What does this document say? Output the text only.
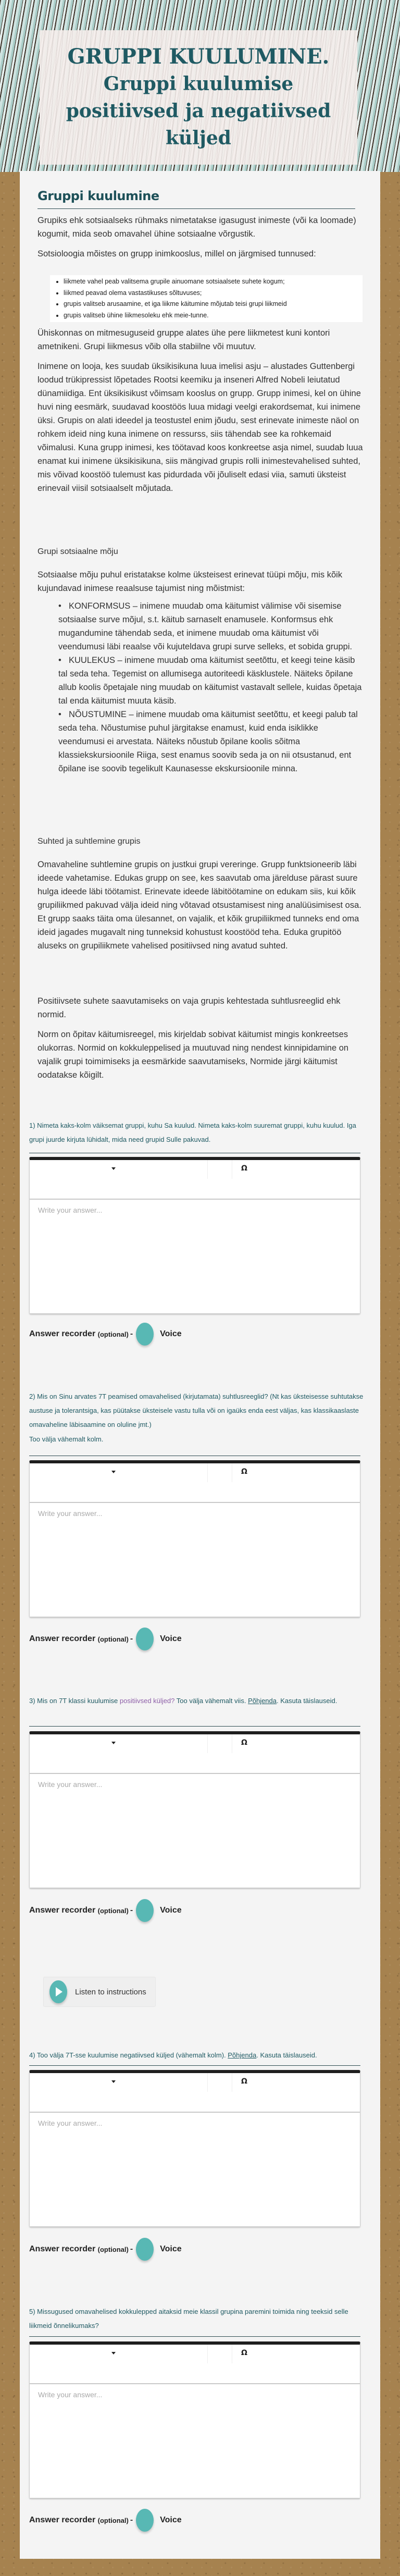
GRUPPI KUULUMINE.
Gruppi kuulumise positiivsed ja negatiivsed küljed
Gruppi kuulumine

Grupiks ehk sotsiaalseks rühmaks nimetatakse igasugust inimeste (või ka loomade) kogumit, mida seob omavahel ühine sotsiaalne võrgustik.

Sotsioloogia mõistes on grupp inimkooslus, millel on järgmised tunnused:

• liikmete vahel peab valitsema grupile ainuomane sotsiaalsete suhete kogum;
• liikmed peavad olema vastastikuses sõltuvuses;
• grupis valitseb arusaamine, et iga liikme käitumine mõjutab teisi grupi liikmeid
• grupis valitseb ühine liikmesoleku ehk meie-tunne.

Ühiskonnas on mitmesuguseid gruppe alates ühe pere liikmetest kuni kontori ametnikeni. Grupi liikmesus võib olla stabiilne või muutuv.

Inimene on looja, kes suudab üksikisikuna luua imelisi asju – alustades Guttenbergi loodud trükipressist lõpetades Rootsi keemiku ja inseneri Alfred Nobeli leiutatud dünamiidiga. Ent üksikisikust võimsam kooslus on grupp. Grupp inimesi, kel on ühine huvi ning eesmärk, suudavad koostöös luua midagi veelgi erakordsemat, kui inimene üksi. Grupis on alati ideedel ja teostustel enim jõudu, sest erinevate inimeste näol on rohkem ideid ning kuna inimene on ressurss, siis tähendab see ka rohkemaid võimalusi. Kuna grupp inimesi, kes töötavad koos konkreetse asja nimel, suudab luua enamat kui inimene üksikisikuna, siis mängivad grupis rolli inimestevahelised suhted, mis võivad koostöö tulemust kas pidurdada või jõuliselt edasi viia, samuti üksteist erinevail viisil sotsiaalselt mõjutada.

Grupi sotsiaalne mõju

Sotsiaalse mõju puhul eristatakse kolme üksteisest erinevat tüüpi mõju, mis kõik kujundavad inimese reaalsuse tajumist ning mõistmist:

• KONFORMSUS – inimene muudab oma käitumist välimise või sisemise sotsiaalse surve mõjul, s.t. käitub sarnaselt enamusele. Konformsus ehk mugandumine tähendab seda, et inimene muudab oma käitumist või veendumusi läbi reaalse või kujuteldava grupi surve selleks, et sobida gruppi.
• KUULEKUS – inimene muudab oma käitumist seetõttu, et keegi teine käsib tal seda teha. Tegemist on allumisega autoriteedi käsklustele. Näiteks õpilane allub koolis õpetajale ning muudab on käitumist vastavalt sellele, kuidas õpetaja tal enda käitumist muuta käsib.
• NÕUSTUMINE – inimene muudab oma käitumist seetõttu, et keegi palub tal seda teha. Nõustumise puhul järgitakse enamust, kuid enda isiklikke veendumusi ei arvestata. Näiteks nõustub õpilane koolis sõitma klassiekskursioonile Riiga, sest enamus soovib seda ja on nii otsustanud, ent õpilane ise soovib tegelikult Kaunasesse ekskursioonile minna.

Suhted ja suhtlemine grupis

Omavaheline suhtlemine grupis on justkui grupi vereringe. Grupp funktsioneerib läbi ideede vahetamise. Edukas grupp on see, kes saavutab oma järelduse pärast suure hulga ideede läbi töötamist. Erinevate ideede läbitöötamine on edukam siis, kui kõik grupiliikmed pakuvad välja ideid ning võtavad otsustamisest ning analüüsimisest osa. Et grupp saaks täita oma ülesannet, on vajalik, et kõik grupiliikmed tunneks end oma ideid jagades mugavalt ning tunneksid kohustust koostööd teha. Eduka grupitöö aluseks on grupiliikmete vahelised positiivsed ning avatud suhted.

Positiivsete suhete saavutamiseks on vaja grupis kehtestada suhtlusreeglid ehk normid.

Norm on õpitav käitumisreegel, mis kirjeldab sobivat käitumist mingis konkreetses olukorras. Normid on kokkuleppelised ja muutuvad ning nendest kinnipidamine on vajalik grupi toimimiseks ja eesmärkide saavutamiseks, Normide järgi käitumist oodatakse kõigilt.

1) Nimeta kaks-kolm väiksemat gruppi, kuhu Sa kuulud. Nimeta kaks-kolm suuremat gruppi, kuhu kuulud. Iga grupi juurde kirjuta lühidalt, mida need grupid Sulle pakuvad.

Ω
Write your answer...
Answer recorder
(optional) -	Voice

2) Mis on Sinu arvates 7T peamised omavahelised (kirjutamata) suhtlusreeglid? (Nt kas üksteisesse suhtutakse austuse ja tolerantsiga, kas püütakse üksteisele vastu tulla või on igaüks enda eest väljas, kas klassikaaslaste omavaheline läbisaamine on oluline jmt.)

Too välja vähemalt kolm.

Ω
Write your answer...
Answer recorder
(optional) -	Voice

3) Mis on 7T klassi kuulumise positiivsed küljed? Too välja vähemalt viis. Põhjenda. Kasuta täislauseid.

Ω
Write your answer...
Answer recorder
(optional) -	Voice
Listen to instructions

4) Too välja 7T-sse kuulumise negatiivsed küljed (vähemalt kolm). Põhjenda. Kasuta täislauseid.

Ω
Write your answer...
Answer recorder
(optional) -	Voice

5) Missugused omavahelised kokkulepped aitaksid meie klassil grupina paremini toimida ning teeksid selle liikmeid õnnelikumaks?

Ω
Write your answer...
Answer recorder
(optional) -	Voice
